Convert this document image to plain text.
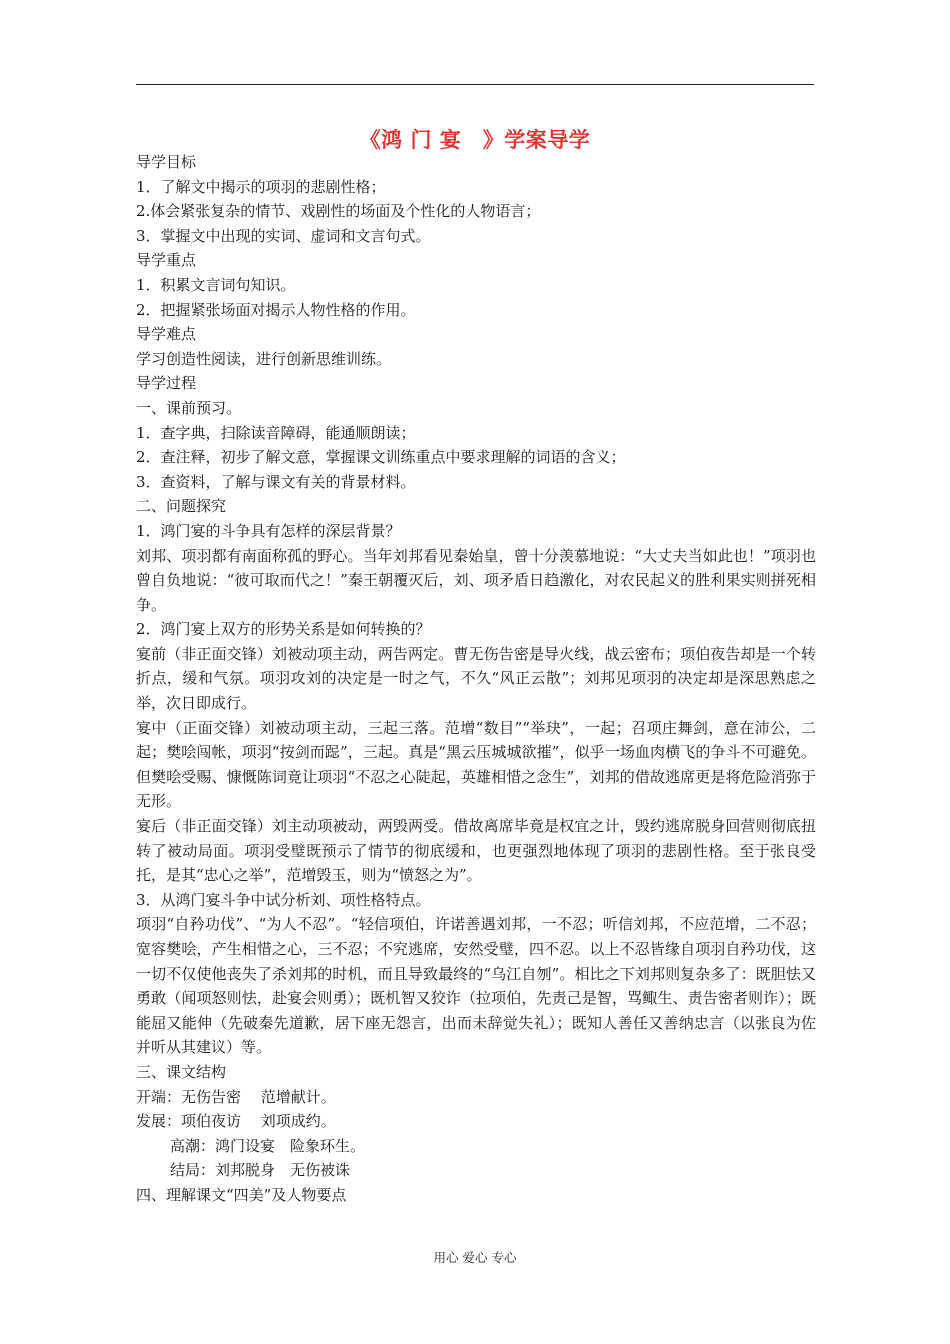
《鸿 门 宴　》学案导学

导学目标

1．了解文中揭示的项羽的悲剧性格；

2.体会紧张复杂的情节、戏剧性的场面及个性化的人物语言；

3．掌握文中出现的实词、虚词和文言句式。

导学重点

1．积累文言词句知识。

2．把握紧张场面对揭示人物性格的作用。

导学难点

学习创造性阅读，进行创新思维训练。

导学过程

一、课前预习。

1．查字典，扫除读音障碍，能通顺朗读；

2．查注释，初步了解文意，掌握课文训练重点中要求理解的词语的含义；

3．查资料，了解与课文有关的背景材料。

二、问题探究

1．鸿门宴的斗争具有怎样的深层背景？

刘邦、项羽都有南面称孤的野心。当年刘邦看见秦始皇，曾十分羡慕地说：“大丈夫当如此也！”项羽也曾自负地说：“彼可取而代之！”秦王朝覆灭后，刘、项矛盾日趋激化，对农民起义的胜利果实则拼死相争。

2．鸿门宴上双方的形势关系是如何转换的？

宴前（非正面交锋）刘被动项主动，两告两定。曹无伤告密是导火线，战云密布；项伯夜告却是一个转折点，缓和气氛。项羽攻刘的决定是一时之气，不久“风正云散”；刘邦见项羽的决定却是深思熟虑之举，次日即成行。

宴中（正面交锋）刘被动项主动，三起三落。范增“数目”“举玦”，一起；召项庄舞剑，意在沛公，二起；樊哙闯帐，项羽“按剑而跽”，三起。真是“黑云压城城欲摧”，似乎一场血肉横飞的争斗不可避免。但樊哙受赐、慷慨陈词竟让项羽“不忍之心陡起，英雄相惜之念生”，刘邦的借故逃席更是将危险消弥于无形。

宴后（非正面交锋）刘主动项被动，两毁两受。借故离席毕竟是权宜之计，毁约逃席脱身回营则彻底扭转了被动局面。项羽受璧既预示了情节的彻底缓和，也更强烈地体现了项羽的悲剧性格。至于张良受托，是其“忠心之举”，范增毁玉，则为“愤怒之为”。

3．从鸿门宴斗争中试分析刘、项性格特点。

项羽“自矜功伐”、“为人不忍”。“轻信项伯，许诺善遇刘邦，一不忍；听信刘邦，不应范增，二不忍；宽容樊哙，产生相惜之心，三不忍；不究逃席，安然受璧，四不忍。以上不忍皆缘自项羽自矜功伐，这一切不仅使他丧失了杀刘邦的时机，而且导致最终的“乌江自刎”。相比之下刘邦则复杂多了：既胆怯又勇敢（闻项怒则怯，赴宴会则勇）；既机智又狡诈（拉项伯，先责己是智，骂鲰生、责告密者则诈）；既能屈又能伸（先破秦先道歉，居下座无怨言，出而未辞觉失礼）；既知人善任又善纳忠言（以张良为佐并听从其建议）等。

三、课文结构

开端：无伤告密　 范增献计。

发展：项伯夜访　 刘项成约。

高潮：鸿门设宴　险象环生。

结局：刘邦脱身　无伤被诛

四、理解课文“四美”及人物要点

用心 爱心 专心
